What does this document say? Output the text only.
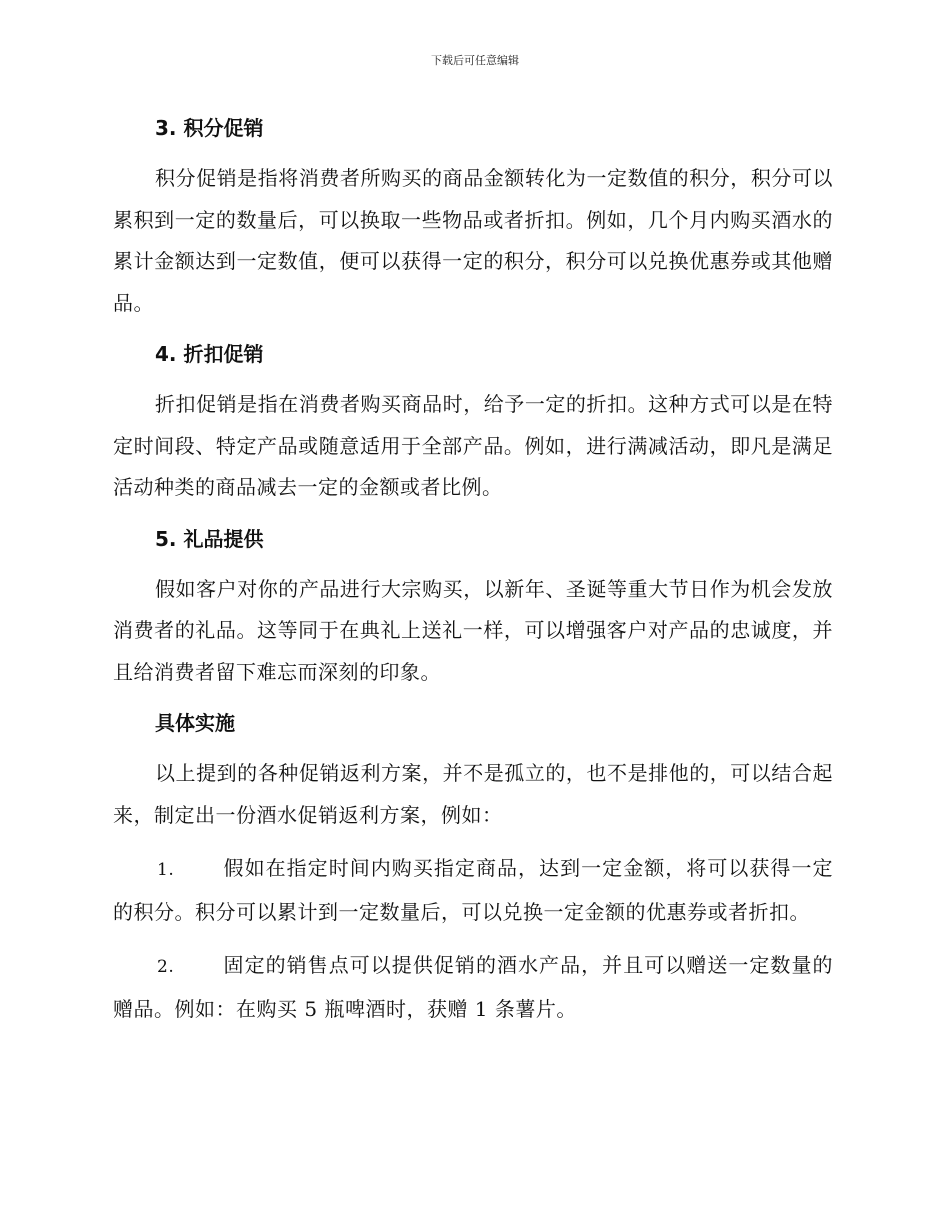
下载后可任意编辑
3. 积分促销

积分促销是指将消费者所购买的商品金额转化为一定数值的积分，积分可以累积到一定的数量后，可以换取一些物品或者折扣。例如，几个月内购买酒水的累计金额达到一定数值，便可以获得一定的积分，积分可以兑换优惠券或其他赠品。

4. 折扣促销

折扣促销是指在消费者购买商品时，给予一定的折扣。这种方式可以是在特定时间段、特定产品或随意适用于全部产品。例如，进行满减活动，即凡是满足活动种类的商品减去一定的金额或者比例。

5. 礼品提供

假如客户对你的产品进行大宗购买，以新年、圣诞等重大节日作为机会发放消费者的礼品。这等同于在典礼上送礼一样，可以增强客户对产品的忠诚度，并且给消费者留下难忘而深刻的印象。

具体实施

以上提到的各种促销返利方案，并不是孤立的，也不是排他的，可以结合起来，制定出一份酒水促销返利方案，例如：

1. 假如在指定时间内购买指定商品，达到一定金额，将可以获得一定的积分。积分可以累计到一定数量后，可以兑换一定金额的优惠券或者折扣。

2. 固定的销售点可以提供促销的酒水产品，并且可以赠送一定数量的赠品。例如：在购买 5 瓶啤酒时，获赠 1 条薯片。
